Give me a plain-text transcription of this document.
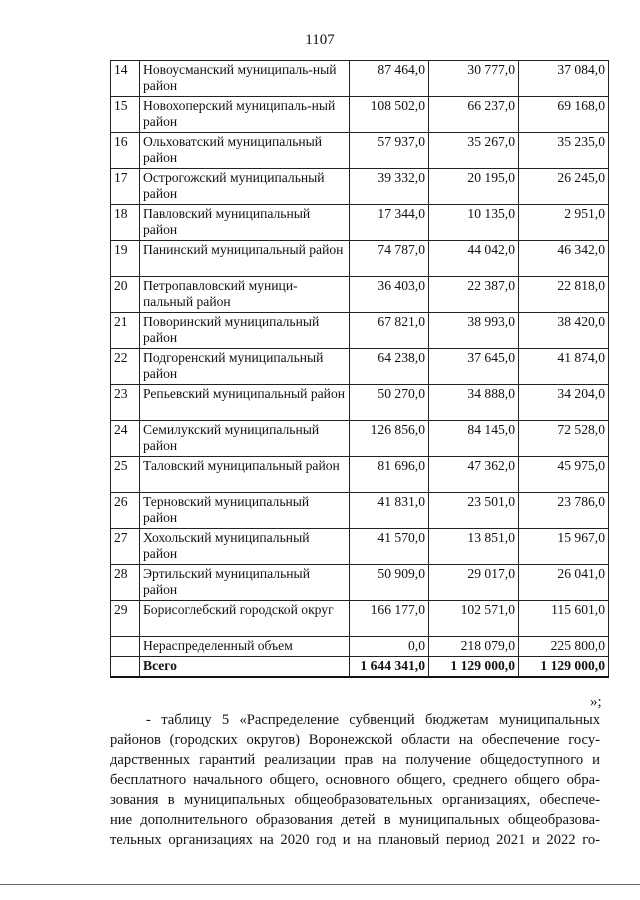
1107
14	Новоусманский муниципаль-ный район	87 464,0	30 777,0	37 084,0
15	Новохоперский муниципаль-ный район	108 502,0	66 237,0	69 168,0
16	Ольховатский муниципальный район	57 937,0	35 267,0	35 235,0
17	Острогожский муниципальный район	39 332,0	20 195,0	26 245,0
18	Павловский муниципальный район	17 344,0	10 135,0	2 951,0
19	Панинский муниципальный район	74 787,0	44 042,0	46 342,0
20	Петропавловский муници-пальный район	36 403,0	22 387,0	22 818,0
21	Поворинский муниципальный район	67 821,0	38 993,0	38 420,0
22	Подгоренский муниципальный район	64 238,0	37 645,0	41 874,0
23	Репьевский муниципальный район	50 270,0	34 888,0	34 204,0
24	Семилукский муниципальный район	126 856,0	84 145,0	72 528,0
25	Таловский муниципальный район	81 696,0	47 362,0	45 975,0
26	Терновский муниципальный район	41 831,0	23 501,0	23 786,0
27	Хохольский муниципальный район	41 570,0	13 851,0	15 967,0
28	Эртильский муниципальный район	50 909,0	29 017,0	26 041,0
29	Борисоглебский городской округ	166 177,0	102 571,0	115 601,0
	Нераспределенный объем	0,0	218 079,0	225 800,0
	Всего	1 644 341,0	1 129 000,0	1 129 000,0
»;
- таблицу 5 «Распределение субвенций бюджетам муниципальных
районов (городских округов) Воронежской области на обеспечение госу-
дарственных гарантий реализации прав на получение общедоступного и
бесплатного начального общего, основного общего, среднего общего обра-
зования в муниципальных общеобразовательных организациях, обеспече-
ние дополнительного образования детей в муниципальных общеобразова-
тельных организациях на 2020 год и на плановый период 2021 и 2022 го-
